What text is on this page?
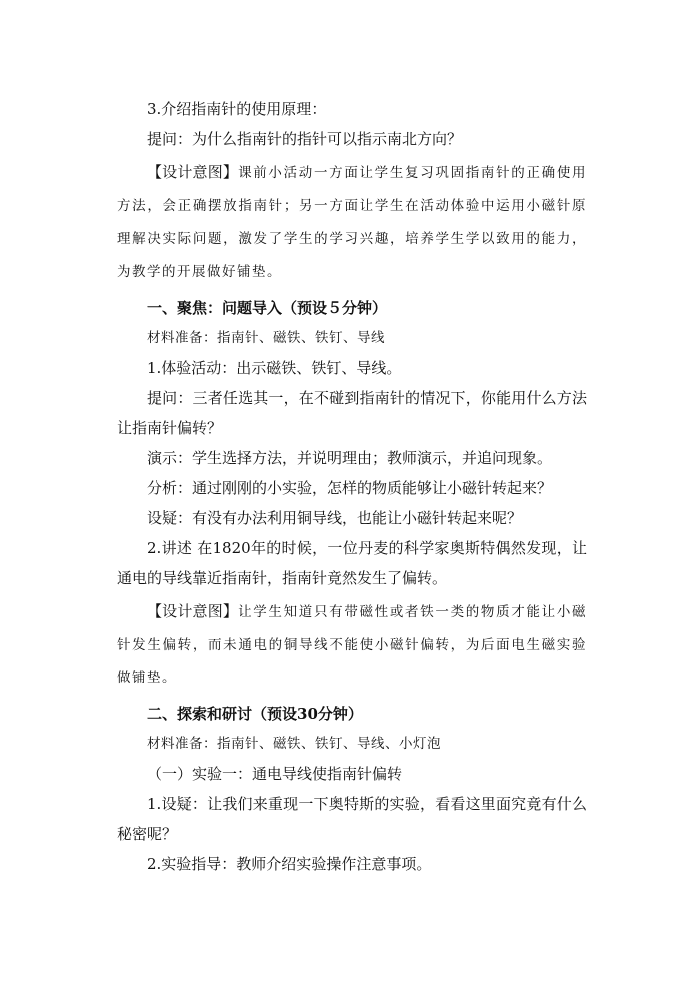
3.介绍指南针的使用原理：

提问：为什么指南针的指针可以指示南北方向？

【设计意图】课前小活动一方面让学生复习巩固指南针的正确使用方法，会正确摆放指南针；另一方面让学生在活动体验中运用小磁针原理解决实际问题，激发了学生的学习兴趣，培养学生学以致用的能力，为教学的开展做好铺垫。

一、聚焦：问题导入（预设５分钟）

材料准备：指南针、磁铁、铁钉、导线

1.体验活动：出示磁铁、铁钉、导线。

提问：三者任选其一，在不碰到指南针的情况下，你能用什么方法让指南针偏转？

演示：学生选择方法，并说明理由；教师演示，并追问现象。

分析：通过刚刚的小实验，怎样的物质能够让小磁针转起来？

设疑：有没有办法利用铜导线，也能让小磁针转起来呢？

2.讲述 在1820年的时候，一位丹麦的科学家奥斯特偶然发现，让通电的导线靠近指南针，指南针竟然发生了偏转。

【设计意图】让学生知道只有带磁性或者铁一类的物质才能让小磁针发生偏转，而未通电的铜导线不能使小磁针偏转，为后面电生磁实验做铺垫。

二、探索和研讨（预设30分钟）

材料准备：指南针、磁铁、铁钉、导线、小灯泡

（一）实验一：通电导线使指南针偏转

1.设疑：让我们来重现一下奥特斯的实验，看看这里面究竟有什么秘密呢？

2.实验指导：教师介绍实验操作注意事项。
